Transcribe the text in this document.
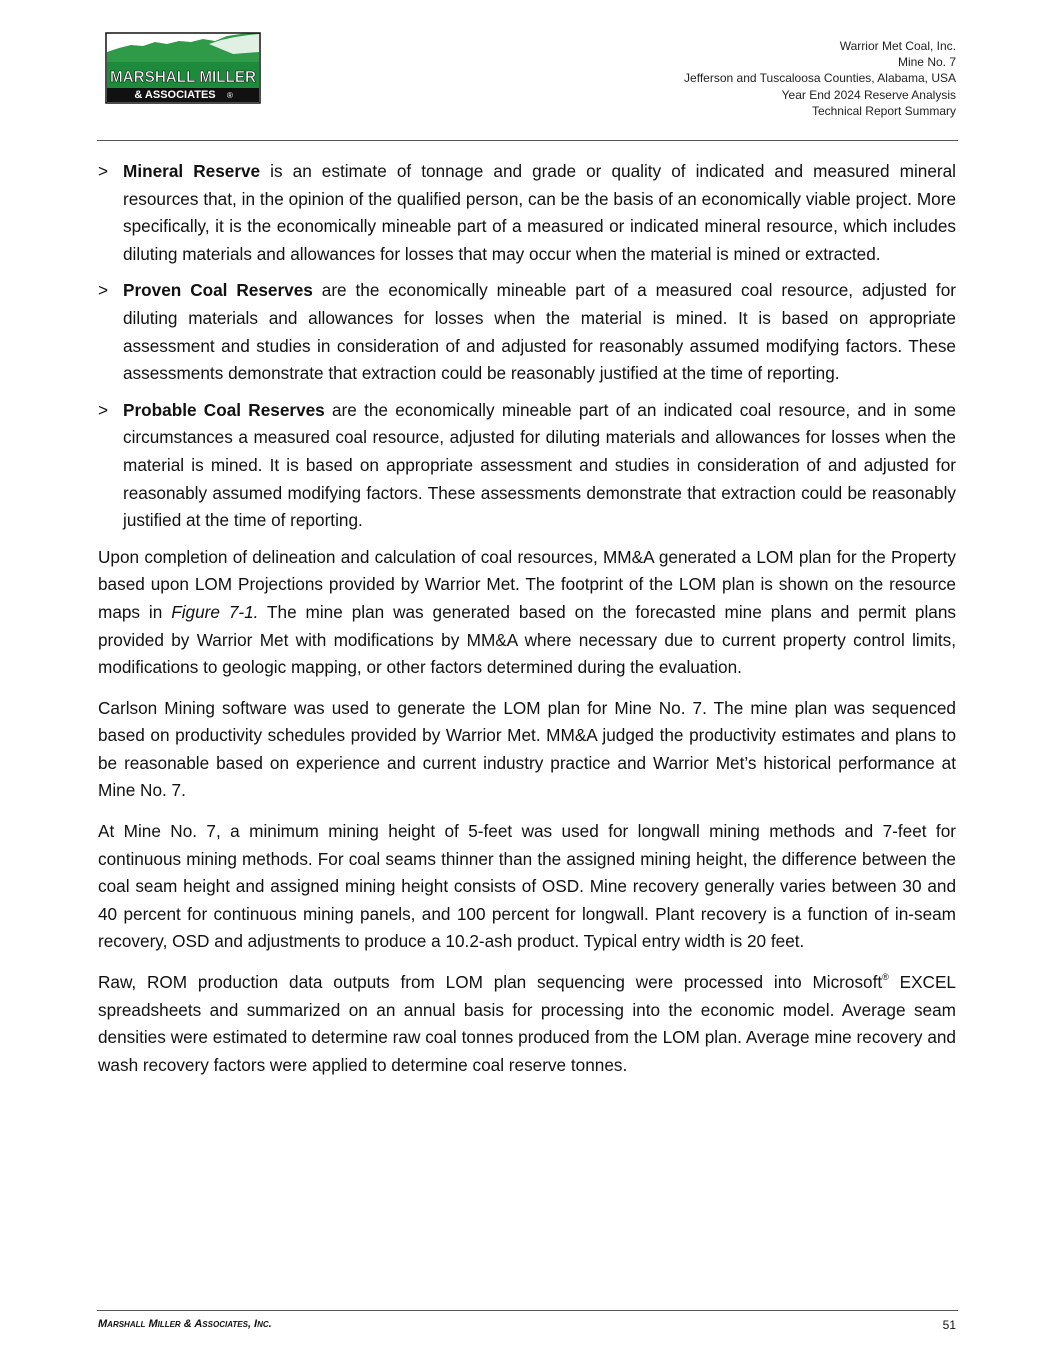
MARSHALL MILLER
& ASSOCIATES ®
Warrior Met Coal, Inc.
Mine No. 7
Jefferson and Tuscaloosa Counties, Alabama, USA
Year End 2024 Reserve Analysis
Technical Report Summary
> Mineral Reserve is an estimate of tonnage and grade or quality of indicated and measured mineral resources that, in the opinion of the qualified person, can be the basis of an economically viable project. More specifically, it is the economically mineable part of a measured or indicated mineral resource, which includes diluting materials and allowances for losses that may occur when the material is mined or extracted.
> Proven Coal Reserves are the economically mineable part of a measured coal resource, adjusted for diluting materials and allowances for losses when the material is mined. It is based on appropriate assessment and studies in consideration of and adjusted for reasonably assumed modifying factors. These assessments demonstrate that extraction could be reasonably justified at the time of reporting.
> Probable Coal Reserves are the economically mineable part of an indicated coal resource, and in some circumstances a measured coal resource, adjusted for diluting materials and allowances for losses when the material is mined. It is based on appropriate assessment and studies in consideration of and adjusted for reasonably assumed modifying factors. These assessments demonstrate that extraction could be reasonably justified at the time of reporting.

Upon completion of delineation and calculation of coal resources, MM&A generated a LOM plan for the Property based upon LOM Projections provided by Warrior Met. The footprint of the LOM plan is shown on the resource maps in Figure 7-1. The mine plan was generated based on the forecasted mine plans and permit plans provided by Warrior Met with modifications by MM&A where necessary due to current property control limits, modifications to geologic mapping, or other factors determined during the evaluation.

Carlson Mining software was used to generate the LOM plan for Mine No. 7. The mine plan was sequenced based on productivity schedules provided by Warrior Met. MM&A judged the productivity estimates and plans to be reasonable based on experience and current industry practice and Warrior Met’s historical performance at Mine No. 7.

At Mine No. 7, a minimum mining height of 5-feet was used for longwall mining methods and 7-feet for continuous mining methods. For coal seams thinner than the assigned mining height, the difference between the coal seam height and assigned mining height consists of OSD. Mine recovery generally varies between 30 and 40 percent for continuous mining panels, and 100 percent for longwall. Plant recovery is a function of in-seam recovery, OSD and adjustments to produce a 10.2-ash product. Typical entry width is 20 feet.

Raw, ROM production data outputs from LOM plan sequencing were processed into Microsoft® EXCEL spreadsheets and summarized on an annual basis for processing into the economic model. Average seam densities were estimated to determine raw coal tonnes produced from the LOM plan. Average mine recovery and wash recovery factors were applied to determine coal reserve tonnes.

Marshall Miller & Associates, Inc.	51
